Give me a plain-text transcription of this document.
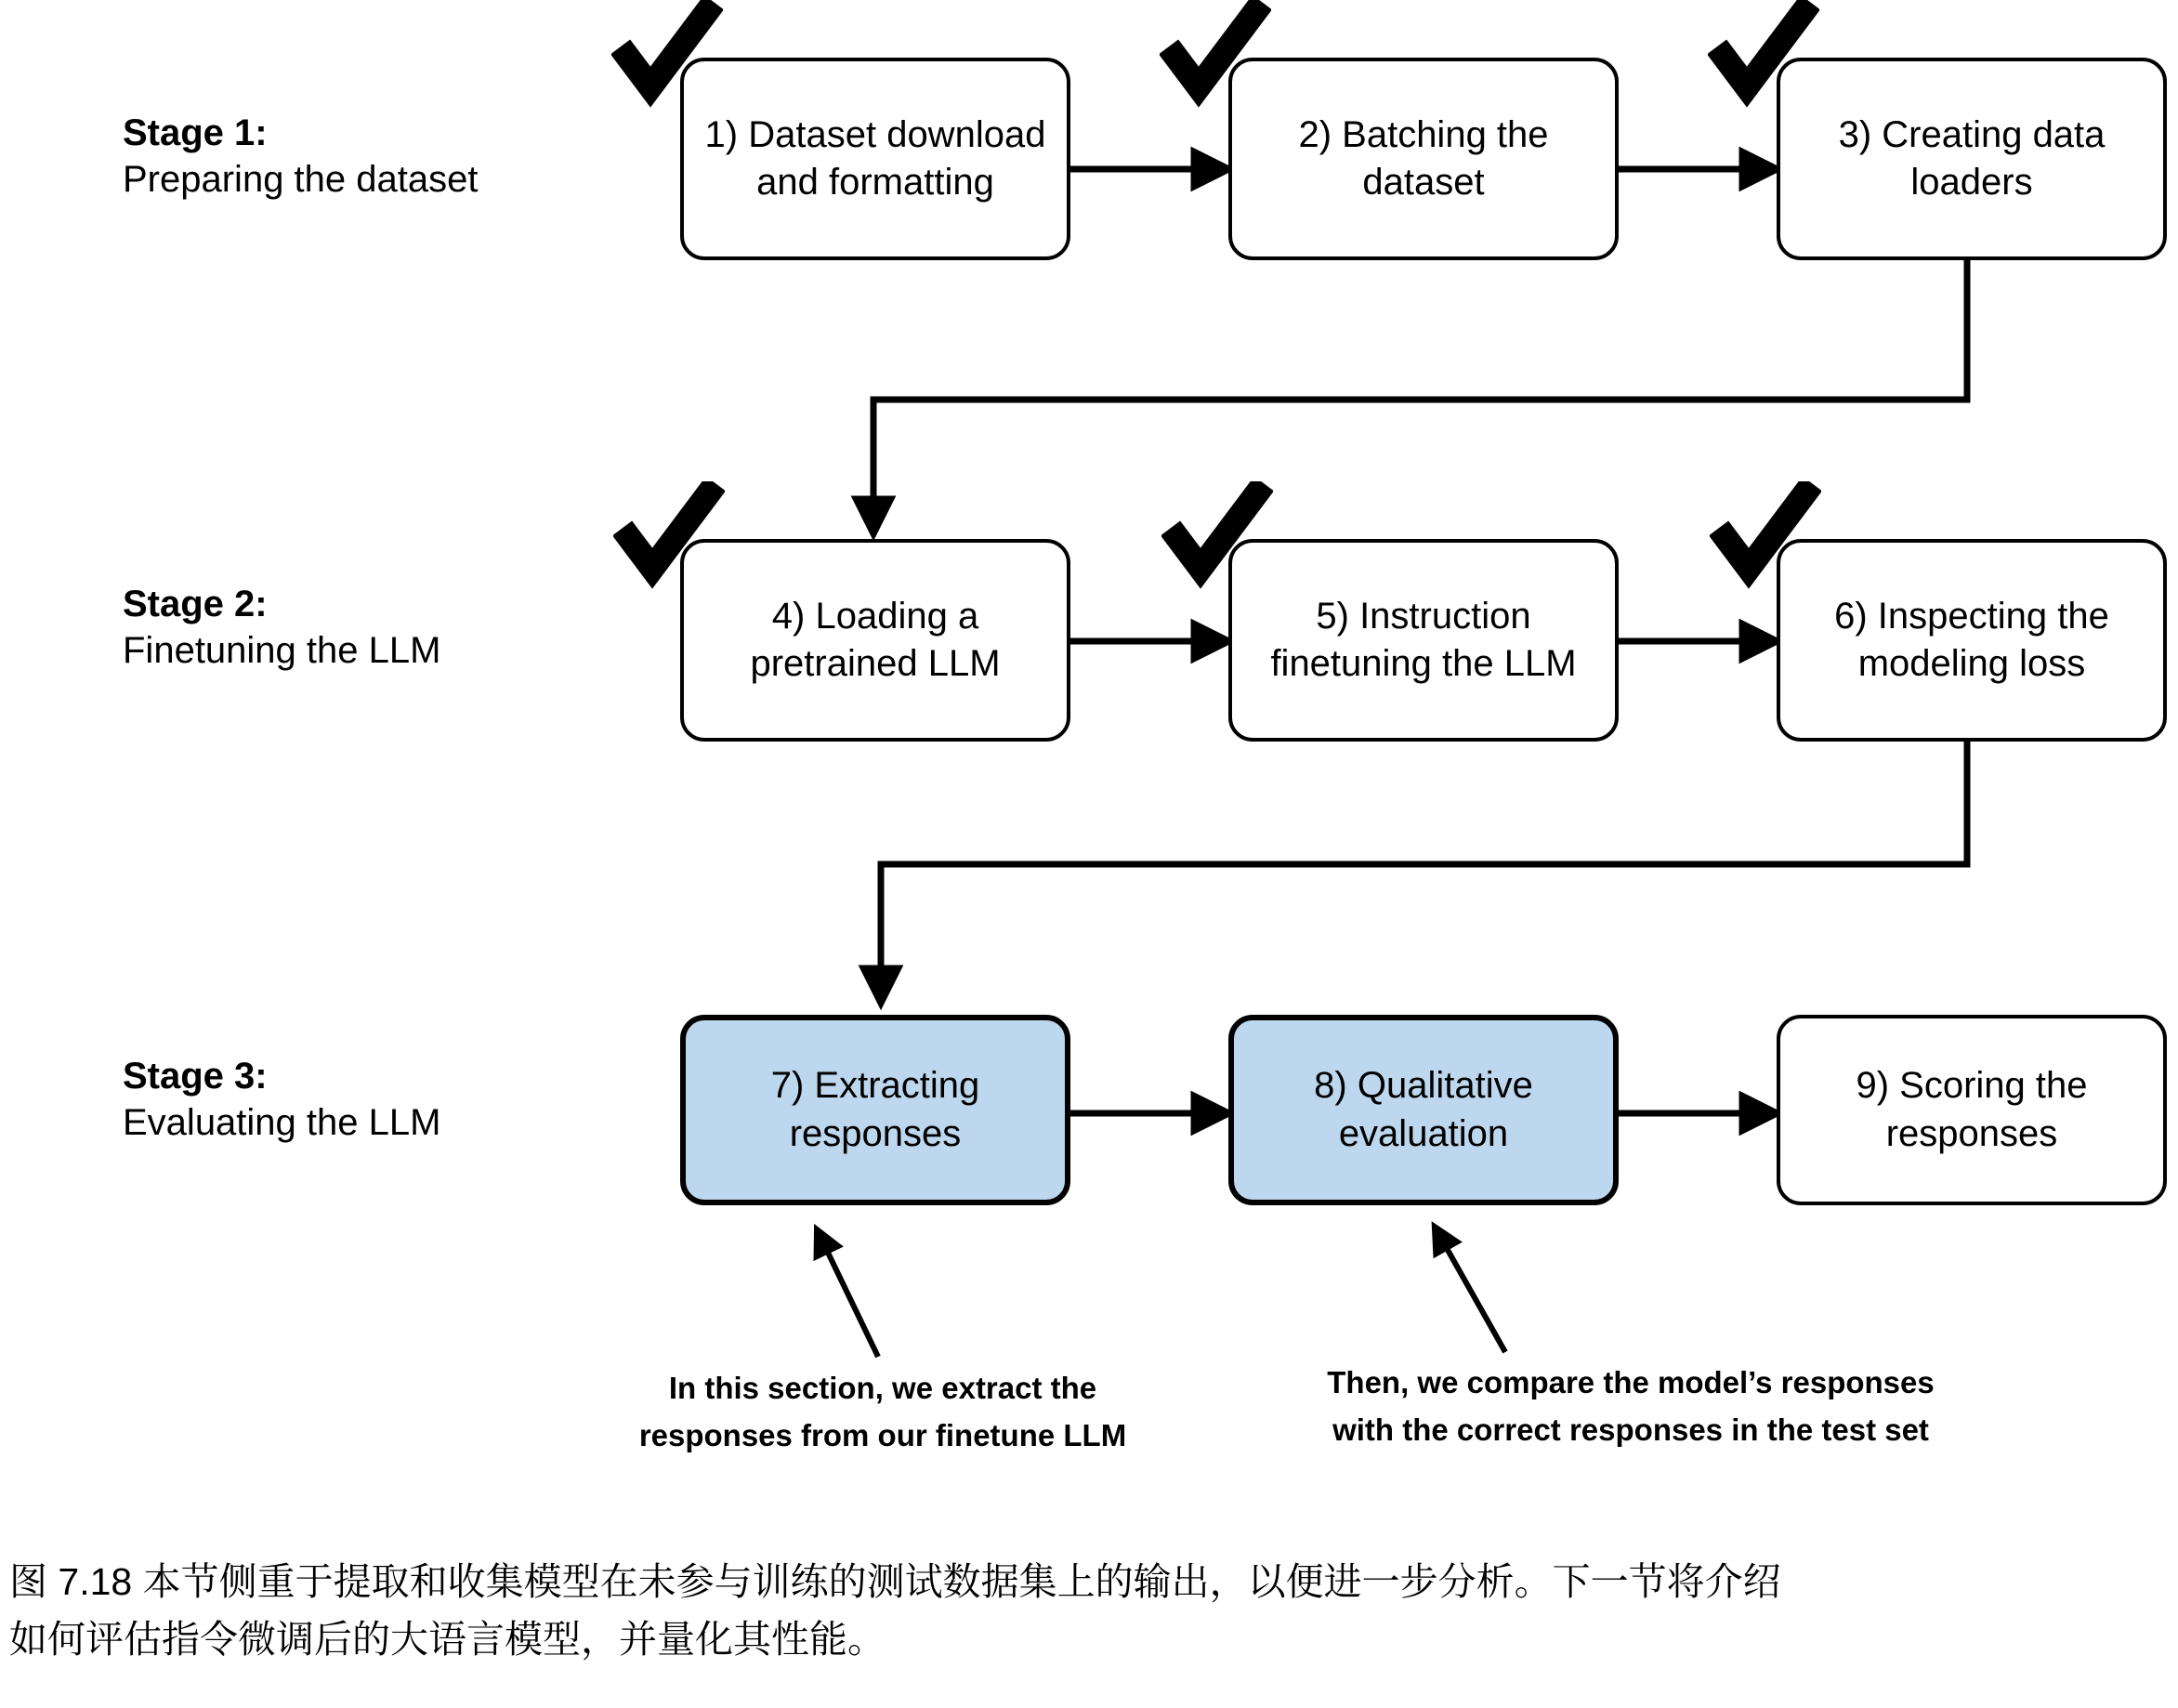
Stage 1:
Preparing the dataset
Stage 2:
Finetuning the LLM
Stage 3:
Evaluating the LLM
1) Dataset download and formatting
2) Batching the dataset
3) Creating data loaders
4) Loading a pretrained LLM
5) Instruction finetuning the LLM
6) Inspecting the modeling loss
7) Extracting responses
8) Qualitative evaluation
9) Scoring the responses
In this section, we extract the
responses from our finetune LLM
Then, we compare the model’s responses
with the correct responses in the test set
图 7.18 本节侧重于提取和收集模型在未参与训练的测试数据集上的输出，以便进一步分析。下一节将介绍
如何评估指令微调后的大语言模型，并量化其性能。
